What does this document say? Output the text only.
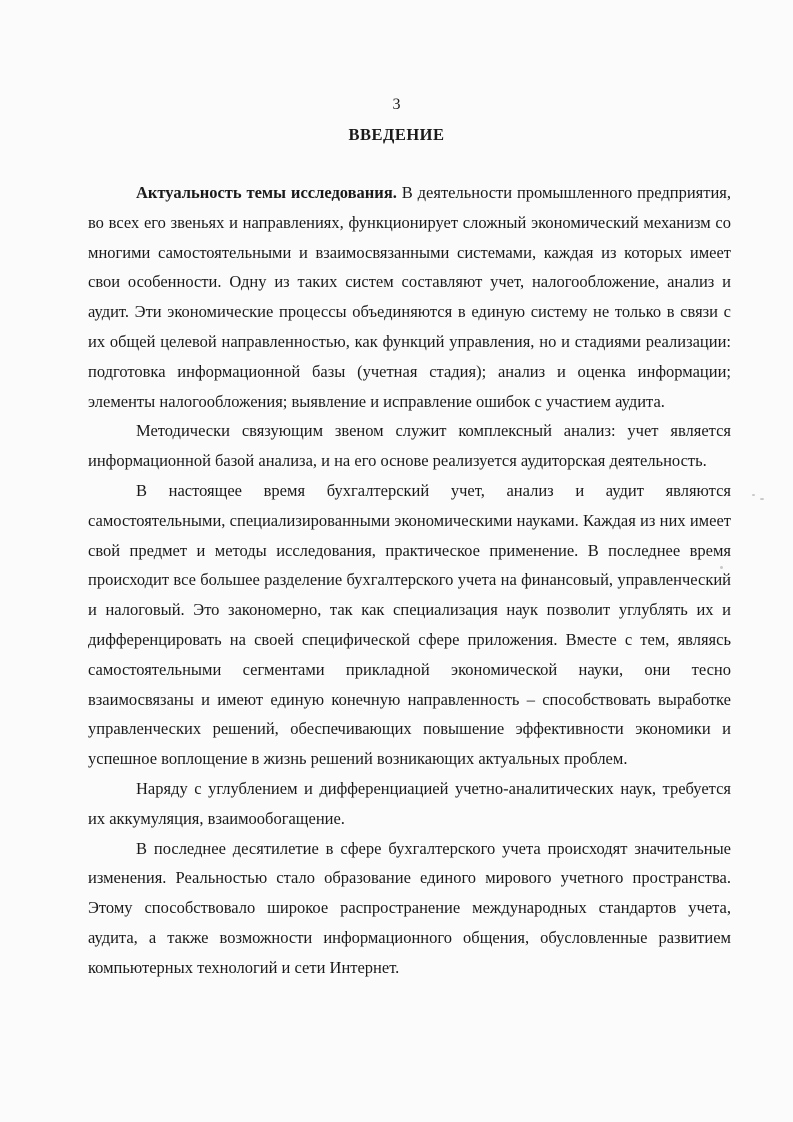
3
ВВЕДЕНИЕ

Актуальность темы исследования. В деятельности промышленного предприятия, во всех его звеньях и направлениях, функционирует сложный экономический механизм со многими самостоятельными и взаимосвязанными системами, каждая из которых имеет свои особенности. Одну из таких систем составляют учет, налогообложение, анализ и аудит. Эти экономические процессы объединяются в единую систему не только в связи с их общей целевой направленностью, как функций управления, но и стадиями реализации: подготовка информационной базы (учетная стадия); анализ и оценка информации; элементы налогообложения; выявление и исправление ошибок с участием аудита.

Методически связующим звеном служит комплексный анализ: учет является информационной базой анализа, и на его основе реализуется аудиторская деятельность.

В настоящее время бухгалтерский учет, анализ и аудит являются самостоятельными, специализированными экономическими науками. Каждая из них имеет свой предмет и методы исследования, практическое применение. В последнее время происходит все большее разделение бухгалтерского учета на финансовый, управленческий и налоговый. Это закономерно, так как специализация наук позволит углублять их и дифференцировать на своей специфической сфере приложения. Вместе с тем, являясь самостоятельными сегментами прикладной экономической науки, они тесно взаимосвязаны и имеют единую конечную направленность – способствовать выработке управленческих решений, обеспечивающих повышение эффективности экономики и успешное воплощение в жизнь решений возникающих актуальных проблем.

Наряду с углублением и дифференциацией учетно-аналитических наук, требуется их аккумуляция, взаимообогащение.

В последнее десятилетие в сфере бухгалтерского учета происходят значительные изменения. Реальностью стало образование единого мирового учетного пространства. Этому способствовало широкое распространение международных стандартов учета, аудита, а также возможности информационного общения, обусловленные развитием компьютерных технологий и сети Интернет.
